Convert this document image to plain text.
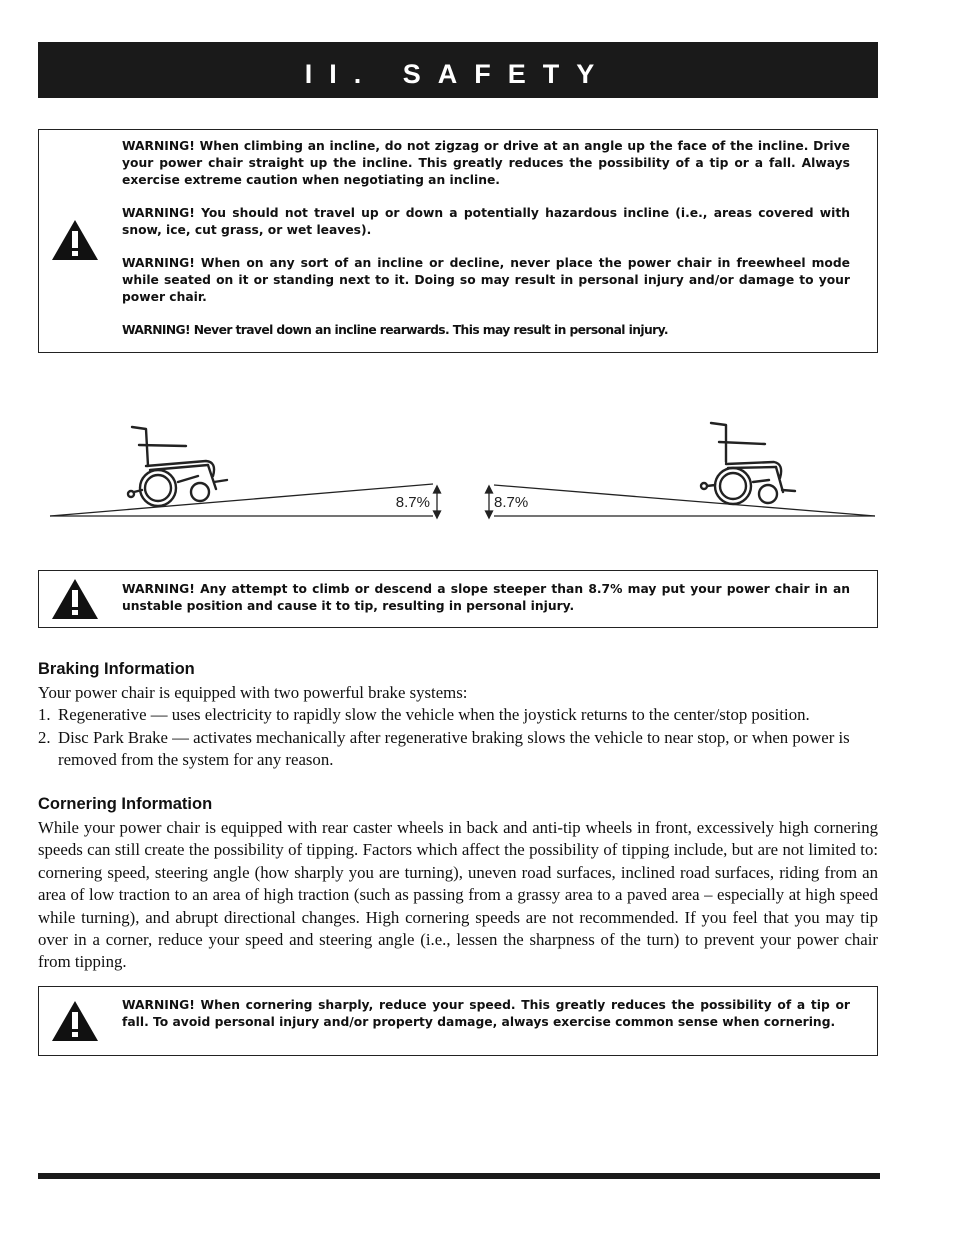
II. SAFETY

WARNING! When climbing an incline, do not zigzag or drive at an angle up the face of the incline. Drive your power chair straight up the incline. This greatly reduces the possibility of a tip or a fall. Always exercise extreme caution when negotiating an incline.

WARNING! You should not travel up or down a potentially hazardous incline (i.e., areas covered with snow, ice, cut grass, or wet leaves).

WARNING! When on any sort of an incline or decline, never place the power chair in freewheel mode while seated on it or standing next to it. Doing so may result in personal injury and/or damage to your power chair.

WARNING! Never travel down an incline rearwards. This may result in personal injury.

8.7%	8.7%
WARNING! Any attempt to climb or descend a slope steeper than 8.7% may put your power chair in an unstable position and cause it to tip, resulting in personal injury.
Braking Information

Your power chair is equipped with two powerful brake systems:

1. Regenerative — uses electricity to rapidly slow the vehicle when the joystick returns to the center/stop position.
2. Disc Park Brake — activates mechanically after regenerative braking slows the vehicle to near stop, or when power is removed from the system for any reason.
Cornering Information

While your power chair is equipped with rear caster wheels in back and anti-tip wheels in front, excessively high cornering speeds can still create the possibility of tipping. Factors which affect the possibility of tipping include, but are not limited to: cornering speed, steering angle (how sharply you are turning), uneven road surfaces, inclined road surfaces, riding from an area of low traction to an area of high traction (such as passing from a grassy area to a paved area – especially at high speed while turning), and abrupt directional changes. High cornering speeds are not recommended. If you feel that you may tip over in a corner, reduce your speed and steering angle (i.e., lessen the sharpness of the turn) to prevent your power chair from tipping.

WARNING! When cornering sharply, reduce your speed. This greatly reduces the possibility of a tip or fall. To avoid personal injury and/or property damage, always exercise common sense when cornering.
